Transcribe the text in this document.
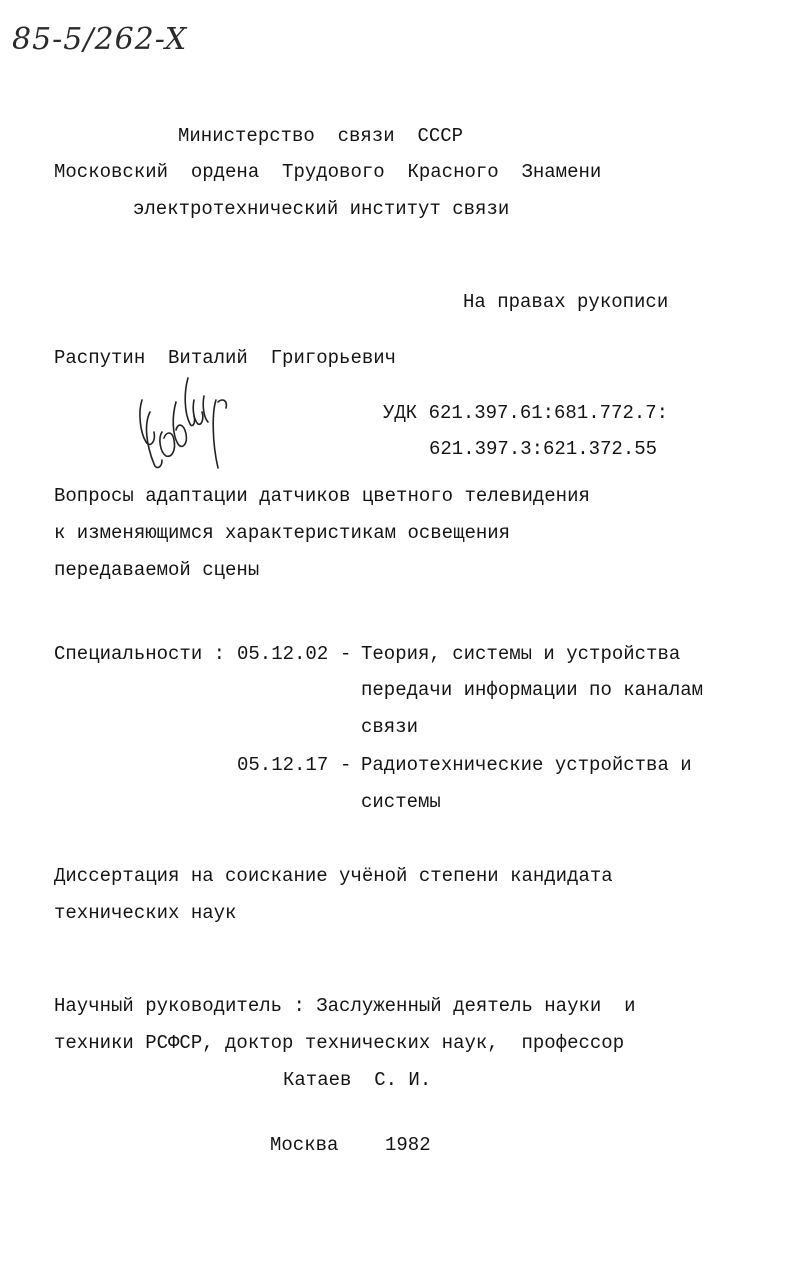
85-5/262-X
Министерство  связи  СССР
Московский  ордена  Трудового  Красного  Знамени
электротехнический институт связи
На правах рукописи
Распутин  Виталий  Григорьевич
УДК 621.397.61:681.772.7:
621.397.3:621.372.55
Вопросы адаптации датчиков цветного телевидения
к изменяющимся характеристикам освещения
передаваемой сцены
Специальности : 05.12.02 - Теория, системы и устройства
передачи информации по каналам
связи
05.12.17 - Радиотехнические устройства и
системы
Диссертация на соискание учёной степени кандидата
технических наук
Научный руководитель : Заслуженный деятель науки  и
техники РСФСР, доктор технических наук,  профессор
Катаев  С. И.
Москва 1982
